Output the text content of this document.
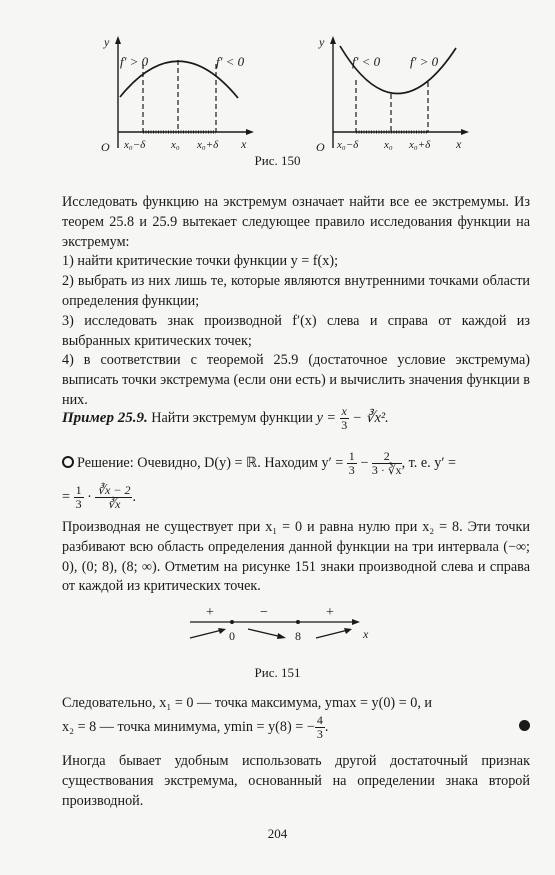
y
O
f' > 0	f' < 0
x₀−δ x₀ x₀+δ x
y
O
f' < 0 f' > 0
x₀−δ x₀ x₀+δ x
Рис. 150

Исследовать функцию на экстремум означает найти все ее экстремумы. Из теорем 25.8 и 25.9 вытекает следующее правило исследования функции на экстремум:

1) найти критические точки функции y = f(x);

2) выбрать из них лишь те, которые являются внутренними точками области определения функции;

3) исследовать знак производной f′(x) слева и справа от каждой из выбранных критических точек;

4) в соответствии с теоремой 25.9 (достаточное условие экстремума) выписать точки экстремума (если они есть) и вычислить значения функции в них.

Пример 25.9. Найти экстремум функции $y = \frac{x}{3}$ − ∛x².
Решение: Очевидно, D(y) = ℝ. Находим $y' = \frac{1}{3} - \frac{2}{3 \cdot ∛x}$ , т. е. y′ =
= $\frac{1}{3} \cdot \frac{∛x - 2}{∛x}$ .

Производная не существует при x₁ = 0 и равна нулю при x₂ = 8. Эти точки разбивают всю область определения данной функции на три интервала (−∞; 0), (0; 8), (8; ∞). Отметим на рисунке 151 знаки производной слева и справа от каждой из критических точек.

+	−	+
0	8	x
Рис. 151

Следовательно, x₁ = 0 — точка максимума, ymax = y(0) = 0, и

x₂ = 8 — точка минимума, ymin = y(8) = − $\frac{4}{3}$ .

Иногда бывает удобным использовать другой достаточный признак существования экстремума, основанный на определении знака второй производной.

204
